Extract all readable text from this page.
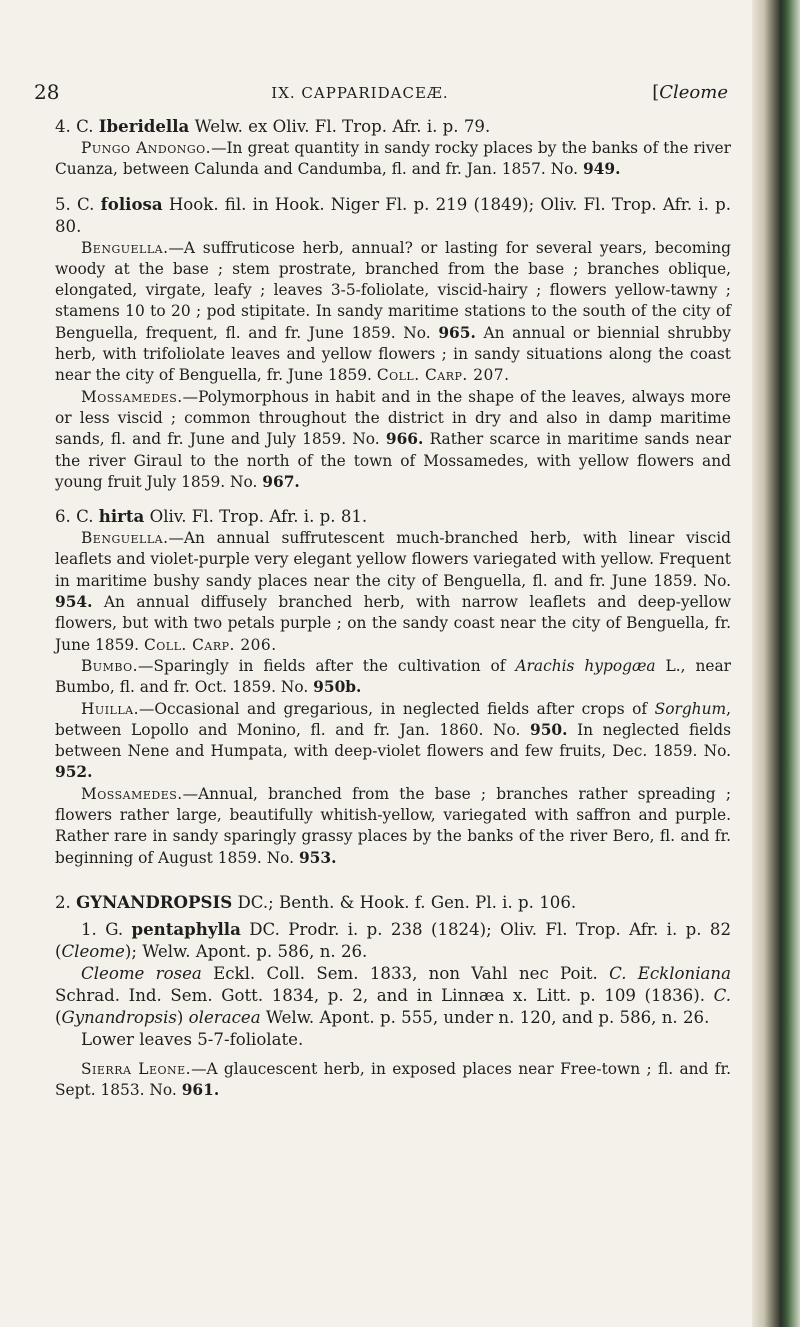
28	IX. CAPPARIDACEÆ.	[Cleome

4. C. Iberidella Welw. ex Oliv. Fl. Trop. Afr. i. p. 79.

Pungo Andongo.—In great quantity in sandy rocky places by the banks of the river Cuanza, between Calunda and Candumba, fl. and fr. Jan. 1857. No. 949.

5. C. foliosa Hook. fil. in Hook. Niger Fl. p. 219 (1849); Oliv. Fl. Trop. Afr. i. p. 80.

Benguella.—A suffruticose herb, annual? or lasting for several years, becoming woody at the base ; stem prostrate, branched from the base ; branches oblique, elongated, virgate, leafy ; leaves 3-5-foliolate, viscid-hairy ; flowers yellow-tawny ; stamens 10 to 20 ; pod stipitate. In sandy maritime stations to the south of the city of Benguella, frequent, fl. and fr. June 1859. No. 965. An annual or biennial shrubby herb, with trifoliolate leaves and yellow flowers ; in sandy situations along the coast near the city of Benguella, fr. June 1859. Coll. Carp. 207.

Mossamedes.—Polymorphous in habit and in the shape of the leaves, always more or less viscid ; common throughout the district in dry and also in damp maritime sands, fl. and fr. June and July 1859. No. 966. Rather scarce in maritime sands near the river Giraul to the north of the town of Mossamedes, with yellow flowers and young fruit July 1859. No. 967.

6. C. hirta Oliv. Fl. Trop. Afr. i. p. 81.

Benguella.—An annual suffrutescent much-branched herb, with linear viscid leaflets and violet-purple very elegant yellow flowers variegated with yellow. Frequent in maritime bushy sandy places near the city of Benguella, fl. and fr. June 1859. No. 954. An annual diffusely branched herb, with narrow leaflets and deep-yellow flowers, but with two petals purple ; on the sandy coast near the city of Benguella, fr. June 1859. Coll. Carp. 206.

Bumbo.—Sparingly in fields after the cultivation of Arachis hypogæa L., near Bumbo, fl. and fr. Oct. 1859. No. 950b.

Huilla.—Occasional and gregarious, in neglected fields after crops of Sorghum, between Lopollo and Monino, fl. and fr. Jan. 1860. No. 950. In neglected fields between Nene and Humpata, with deep-violet flowers and few fruits, Dec. 1859. No. 952.

Mossamedes.—Annual, branched from the base ; branches rather spreading ; flowers rather large, beautifully whitish-yellow, variegated with saffron and purple. Rather rare in sandy sparingly grassy places by the banks of the river Bero, fl. and fr. beginning of August 1859. No. 953.

2. GYNANDROPSIS DC.; Benth. & Hook. f. Gen. Pl. i. p. 106.

1. G. pentaphylla DC. Prodr. i. p. 238 (1824); Oliv. Fl. Trop. Afr. i. p. 82 (Cleome); Welw. Apont. p. 586, n. 26.

Cleome rosea Eckl. Coll. Sem. 1833, non Vahl nec Poit. C. Eckloniana Schrad. Ind. Sem. Gott. 1834, p. 2, and in Linnæa x. Litt. p. 109 (1836). C. (Gynandropsis) oleracea Welw. Apont. p. 555, under n. 120, and p. 586, n. 26.

Lower leaves 5-7-foliolate.

Sierra Leone.—A glaucescent herb, in exposed places near Free-town ; fl. and fr. Sept. 1853. No. 961.
